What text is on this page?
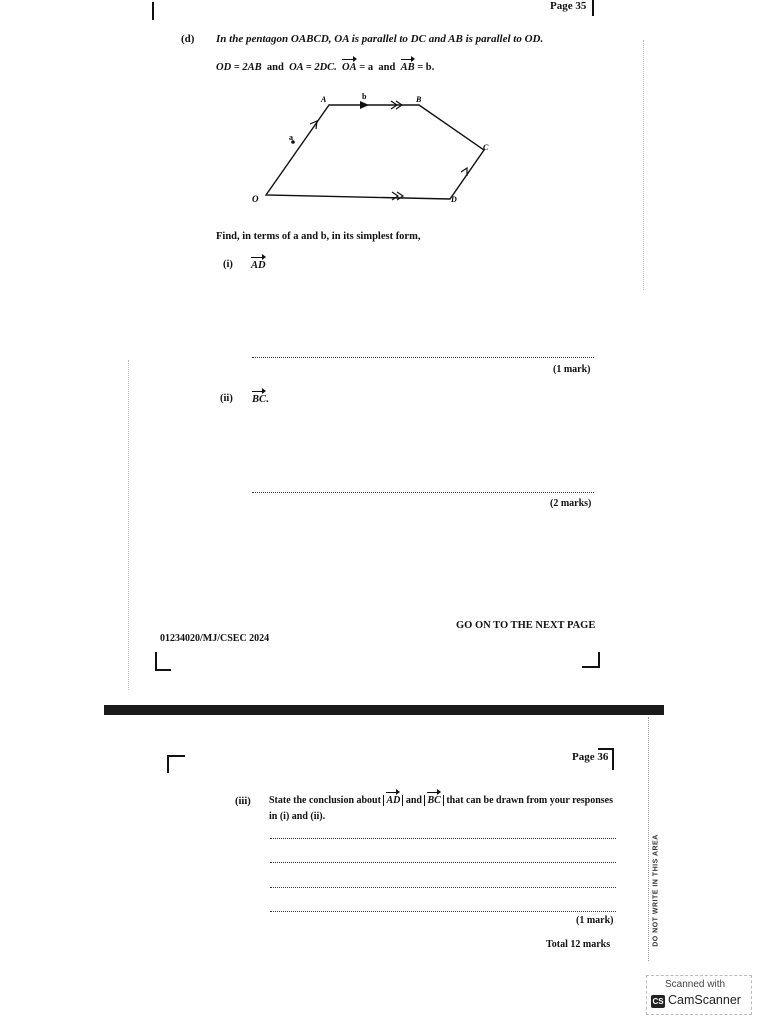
Page 35
(d) In the pentagon OABCD, OA is parallel to DC and AB is parallel to OD.
OD = 2AB and OA = 2DC. OA = a and AB = b.
O
A	b	B
C
D
a
Find, in terms of a and b, in its simplest form,
(i) AD
(1 mark)
(ii) BC.
(2 marks)
GO ON TO THE NEXT PAGE
01234020/MJ/CSEC 2024
Page 36
(iii) State the conclusion about AD and BC that can be drawn from your responses
in (i) and (ii).
(1 mark)
Total 12 marks	DO NOT WRITE IN THIS AREA
Scanned with
CS CamScanner
